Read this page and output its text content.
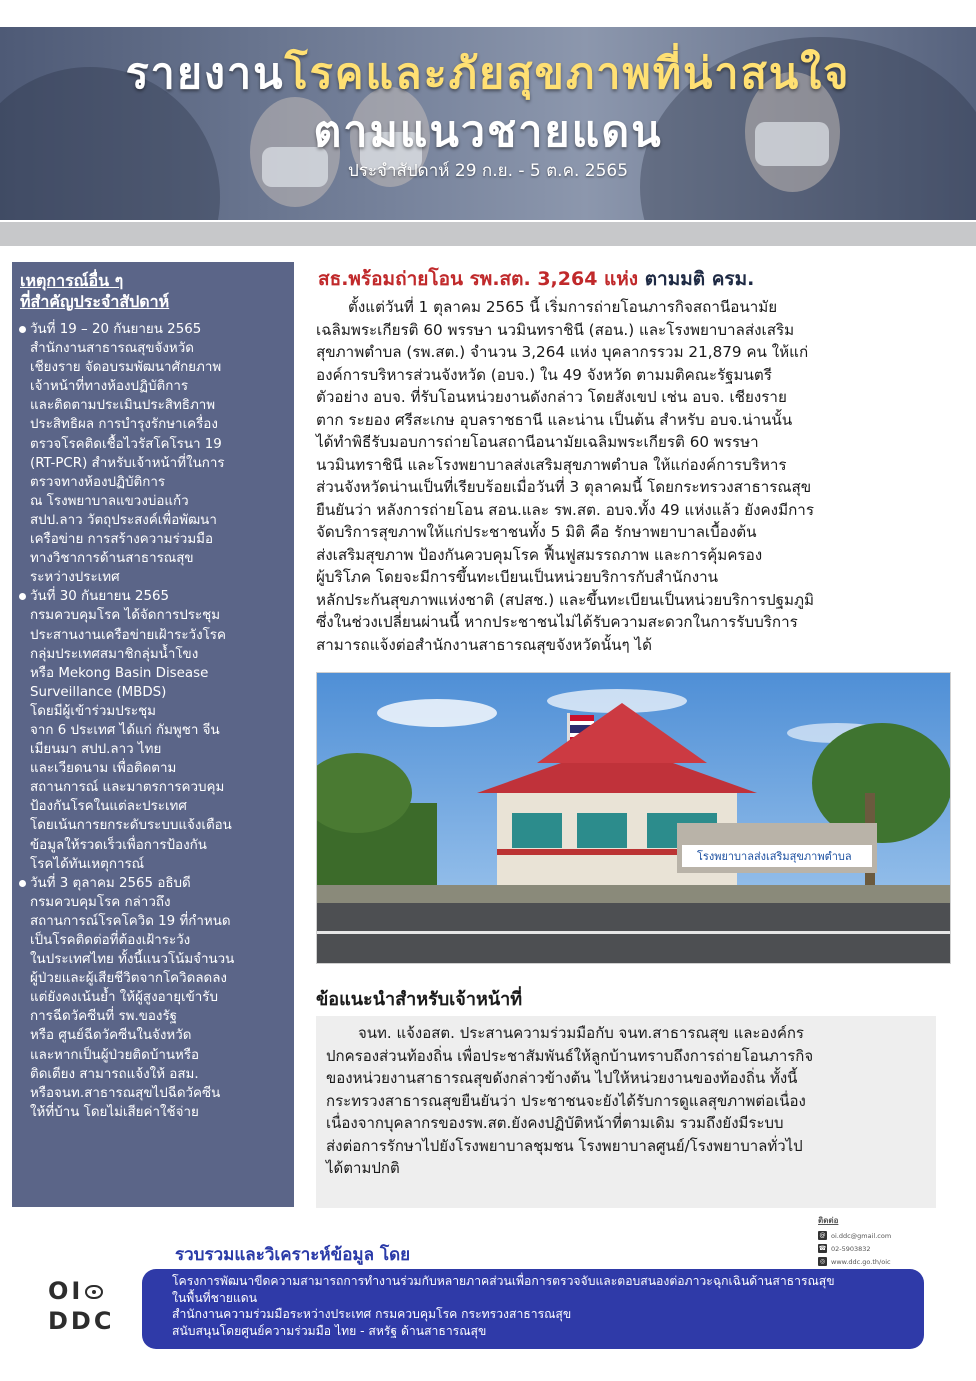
รายงานโรคและภัยสุขภาพที่น่าสนใจ
ตามแนวชายแดน
ประจำสัปดาห์ 29 ก.ย. - 5 ต.ค. 2565
เหตุการณ์อื่น ๆ
ที่สำคัญประจำสัปดาห์
วันที่ 19 – 20 กันยายน 2565
สำนักงานสาธารณสุขจังหวัด
เชียงราย จัดอบรมพัฒนาศักยภาพ
เจ้าหน้าที่ทางห้องปฏิบัติการ
และติดตามประเมินประสิทธิภาพ
ประสิทธิผล การบำรุงรักษาเครื่อง
ตรวจโรคติดเชื้อไวรัสโคโรนา 19
(RT-PCR) สำหรับเจ้าหน้าที่ในการ
ตรวจทางห้องปฏิบัติการ
ณ โรงพยาบาลแขวงบ่อแก้ว
สปป.ลาว วัตถุประสงค์เพื่อพัฒนา
เครือข่าย การสร้างความร่วมมือ
ทางวิชาการด้านสาธารณสุข
ระหว่างประเทศ

วันที่ 30 กันยายน 2565
กรมควบคุมโรค ได้จัดการประชุม
ประสานงานเครือข่ายเฝ้าระวังโรค
กลุ่มประเทศสมาชิกลุ่มน้ำโขง
หรือ Mekong Basin Disease
Surveillance (MBDS)
โดยมีผู้เข้าร่วมประชุม
จาก 6 ประเทศ ได้แก่ กัมพูชา จีน
เมียนมา สปป.ลาว ไทย
และเวียดนาม เพื่อติดตาม
สถานการณ์ และมาตรการควบคุม
ป้องกันโรคในแต่ละประเทศ
โดยเน้นการยกระดับระบบแจ้งเตือน
ข้อมูลให้รวดเร็วเพื่อการป้องกัน
โรคได้ทันเหตุการณ์

วันที่ 3 ตุลาคม 2565 อธิบดี
กรมควบคุมโรค กล่าวถึง
สถานการณ์โรคโควิด 19 ที่กำหนด
เป็นโรคติดต่อที่ต้องเฝ้าระวัง
ในประเทศไทย ทั้งนี้แนวโน้มจำนวน
ผู้ป่วยและผู้เสียชีวิตจากโควิดลดลง
แต่ยังคงเน้นย้ำ ให้ผู้สูงอายุเข้ารับ
การฉีดวัคซีนที่ รพ.ของรัฐ
หรือ ศูนย์ฉีดวัคซีนในจังหวัด
และหากเป็นผู้ป่วยติดบ้านหรือ
ติดเตียง สามารถแจ้งให้ อสม.
หรือจนท.สาธารณสุขไปฉีดวัคซีน
ให้ที่บ้าน โดยไม่เสียค่าใช้จ่าย

สธ.พร้อมถ่ายโอน รพ.สต. 3,264 แห่ง ตามมติ ครม.
ตั้งแต่วันที่ 1 ตุลาคม 2565 นี้ เริ่มการถ่ายโอนภารกิจสถานีอนามัย
เฉลิมพระเกียรติ 60 พรรษา นวมินทราชินี (สอน.) และโรงพยาบาลส่งเสริม
สุขภาพตำบล (รพ.สต.) จำนวน 3,264 แห่ง บุคลากรรวม 21,879 คน ให้แก่
องค์การบริหารส่วนจังหวัด (อบจ.) ใน 49 จังหวัด ตามมติคณะรัฐมนตรี
ตัวอย่าง อบจ. ที่รับโอนหน่วยงานดังกล่าว โดยสังเขป เช่น อบจ. เชียงราย
ตาก ระยอง ศรีสะเกษ อุบลราชธานี และน่าน เป็นต้น สำหรับ อบจ.น่านนั้น
ได้ทำพิธีรับมอบการถ่ายโอนสถานีอนามัยเฉลิมพระเกียรติ 60 พรรษา
นวมินทราชินี และโรงพยาบาลส่งเสริมสุขภาพตำบล ให้แก่องค์การบริหาร
ส่วนจังหวัดน่านเป็นที่เรียบร้อยเมื่อวันที่ 3 ตุลาคมนี้ โดยกระทรวงสาธารณสุข
ยืนยันว่า หลังการถ่ายโอน สอน.และ รพ.สต. อบจ.ทั้ง 49 แห่งแล้ว ยังคงมีการ
จัดบริการสุขภาพให้แก่ประชาชนทั้ง 5 มิติ คือ รักษาพยาบาลเบื้องต้น
ส่งเสริมสุขภาพ ป้องกันควบคุมโรค ฟื้นฟูสมรรถภาพ และการคุ้มครอง
ผู้บริโภค โดยจะมีการขึ้นทะเบียนเป็นหน่วยบริการกับสำนักงาน
หลักประกันสุขภาพแห่งชาติ (สปสช.) และขึ้นทะเบียนเป็นหน่วยบริการปฐมภูมิ
ซึ่งในช่วงเปลี่ยนผ่านนี้ หากประชาชนไม่ได้รับความสะดวกในการรับบริการ
สามารถแจ้งต่อสำนักงานสาธารณสุขจังหวัดนั้นๆ ได้
โรงพยาบาลส่งเสริมสุขภาพตำบล
ข้อแนะนำสำหรับเจ้าหน้าที่
จนท. แจ้งอสต. ประสานความร่วมมือกับ จนท.สาธารณสุข และองค์กร
ปกครองส่วนท้องถิ่น เพื่อประชาสัมพันธ์ให้ลูกบ้านทราบถึงการถ่ายโอนภารกิจ
ของหน่วยงานสาธารณสุขดังกล่าวข้างต้น ไปให้หน่วยงานของท้องถิ่น ทั้งนี้
กระทรวงสาธารณสุขยืนยันว่า ประชาชนจะยังได้รับการดูแลสุขภาพต่อเนื่อง
เนื่องจากบุคลากรของรพ.สต.ยังคงปฏิบัติหน้าที่ตามเดิม รวมถึงยังมีระบบ
ส่งต่อการรักษาไปยังโรงพยาบาลชุมชน โรงพยาบาลศูนย์/โรงพยาบาลทั่วไป
ได้ตามปกติ
รวบรวมและวิเคราะห์ข้อมูล โดย
ติดต่อ
@ oi.ddc@gmail.com
☎ 02-5903832
◎ www.ddc.go.th/oic
OI
DDC
โครงการพัฒนาขีดความสามารถการทำงานร่วมกับหลายภาคส่วนเพื่อการตรวจจับและตอบสนองต่อภาวะฉุกเฉินด้านสาธารณสุข
ในพื้นที่ชายแดน
สำนักงานความร่วมมือระหว่างประเทศ กรมควบคุมโรค กระทรวงสาธารณสุข
สนับสนุนโดยศูนย์ความร่วมมือ ไทย - สหรัฐ ด้านสาธารณสุข
